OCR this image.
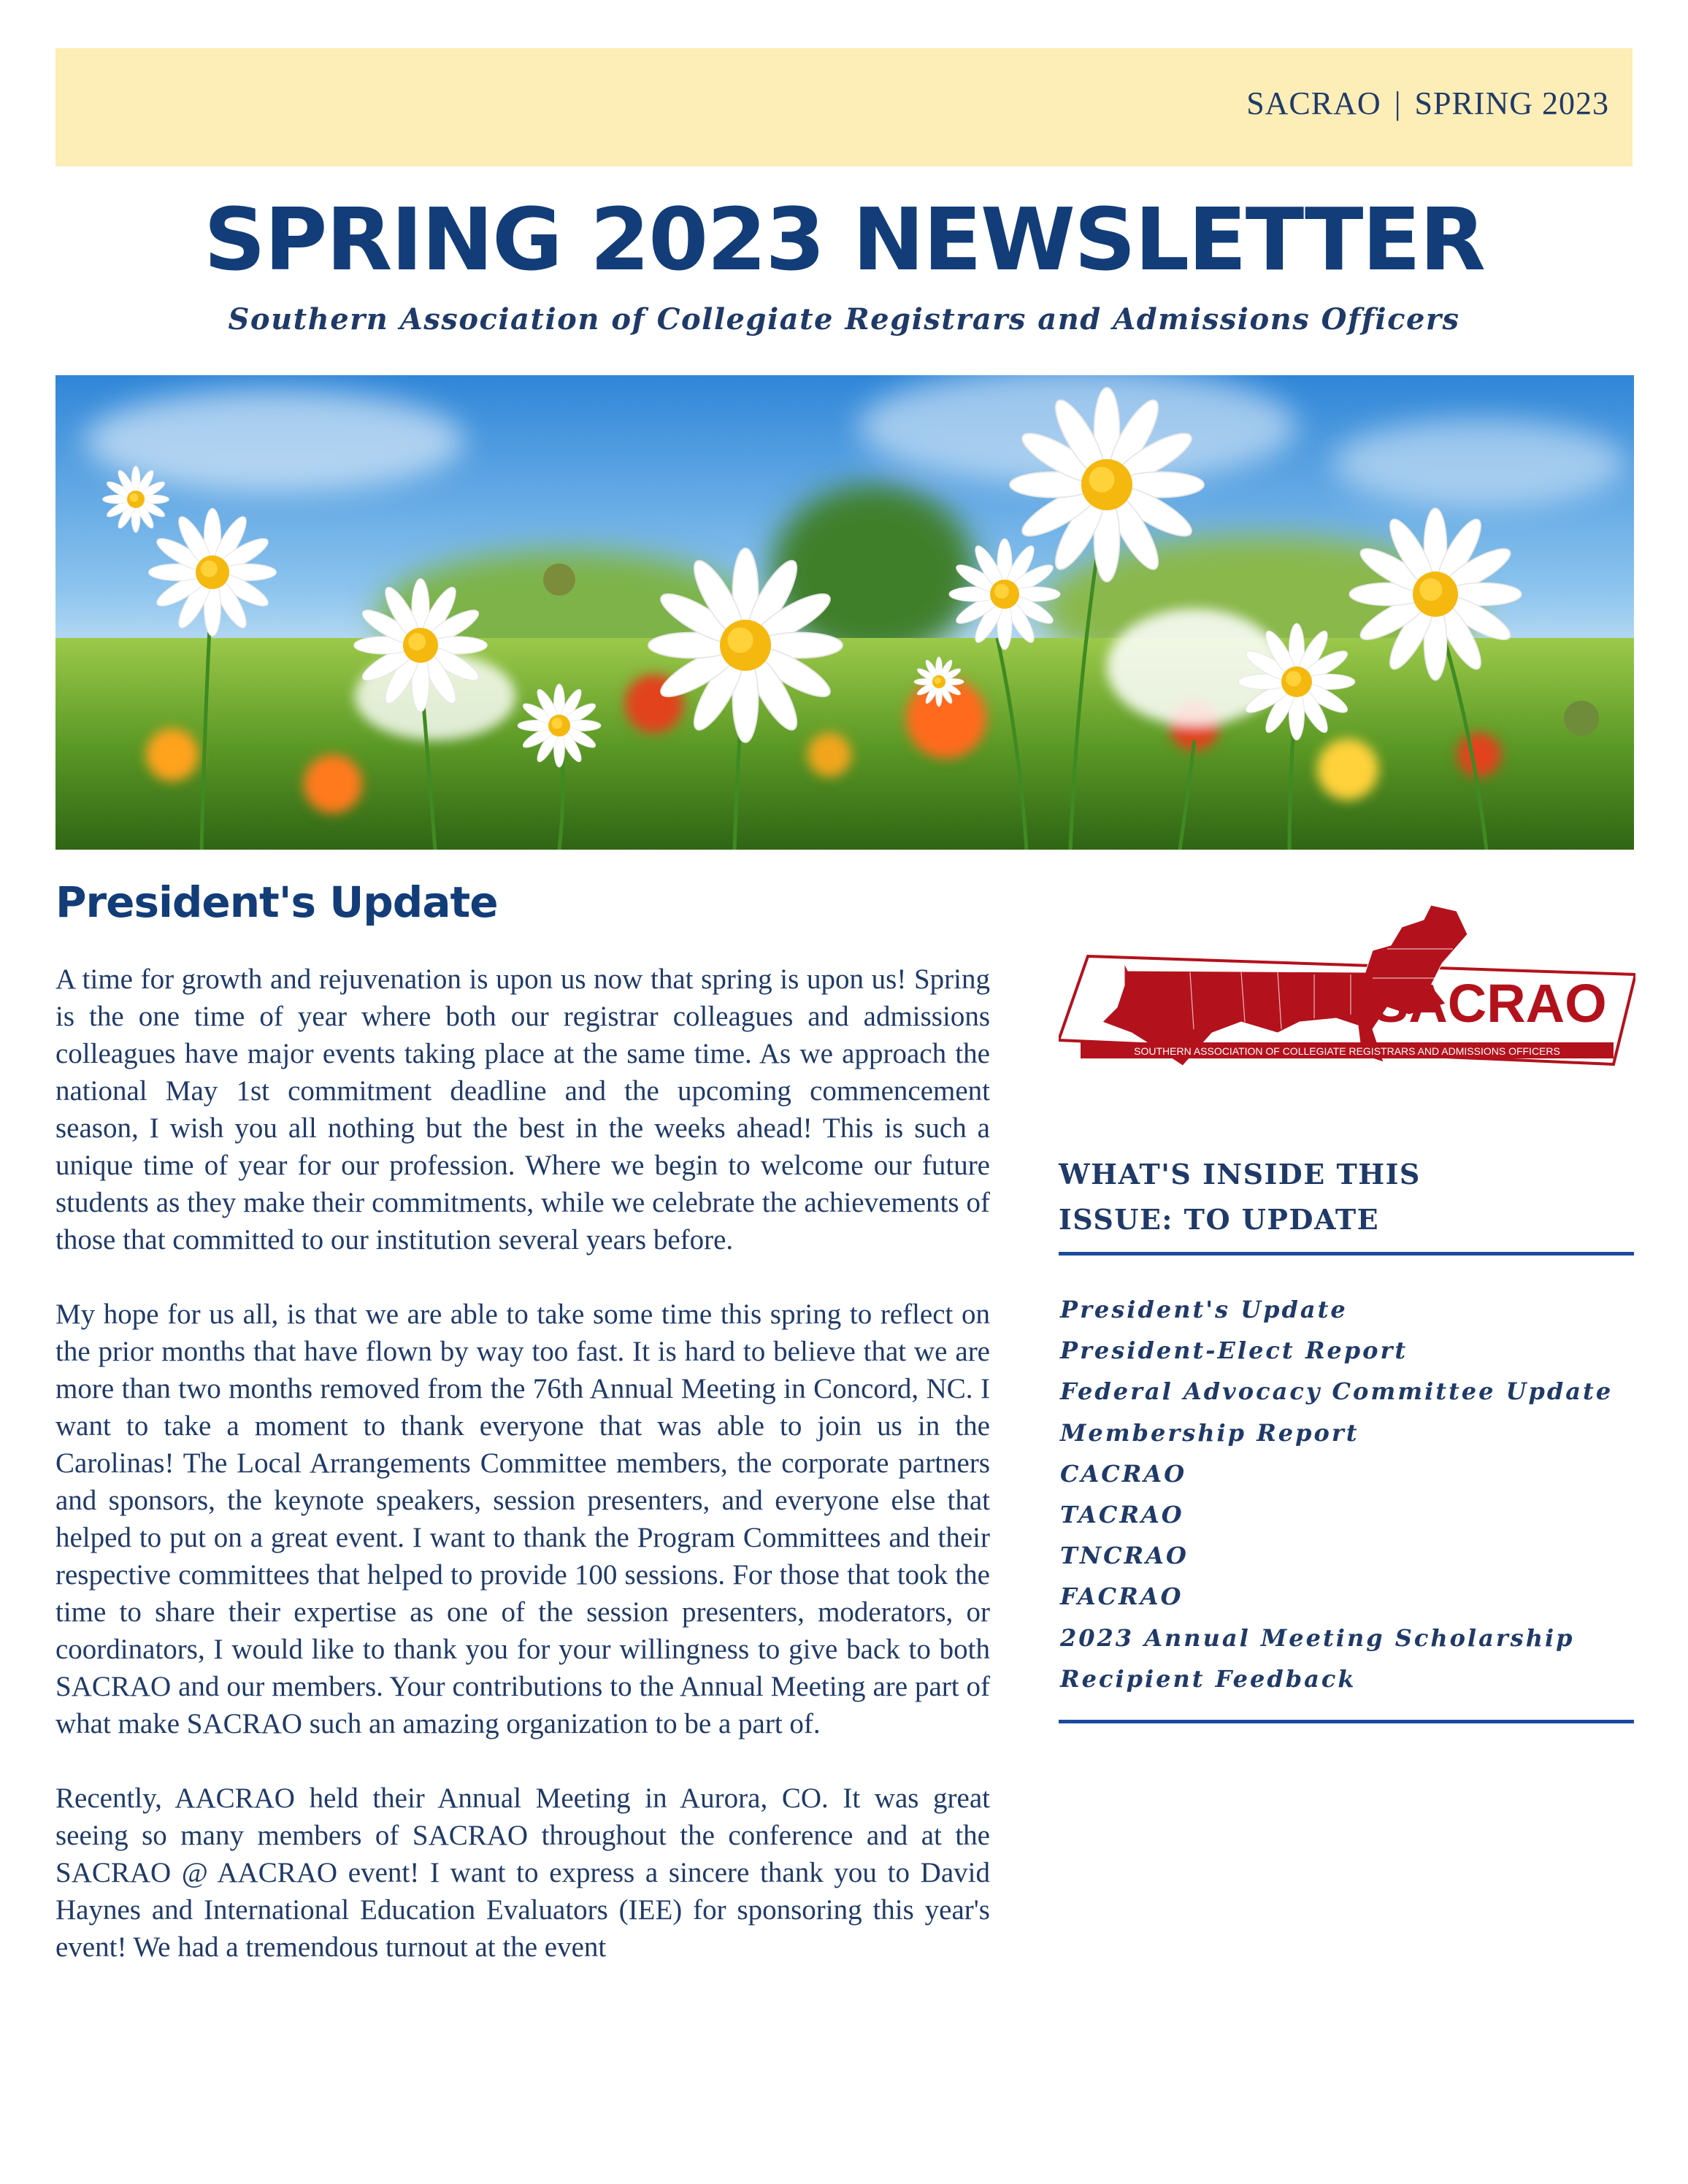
SACRAO | SPRING 2023
SPRING 2023 NEWSLETTER

Southern Association of Collegiate Registrars and Admissions Officers

President's Update

A time for growth and rejuvenation is upon us now that spring is upon us! Spring is the one time of year where both our registrar colleagues and admissions colleagues have major events taking place at the same time. As we approach the national May 1st commitment deadline and the upcoming commencement season, I wish you all nothing but the best in the weeks ahead! This is such a unique time of year for our profession. Where we begin to welcome our future students as they make their commitments, while we celebrate the achievements of those that committed to our institution several years before.

My hope for us all, is that we are able to take some time this spring to reflect on the prior months that have flown by way too fast. It is hard to believe that we are more than two months removed from the 76th Annual Meeting in Concord, NC. I want to take a moment to thank everyone that was able to join us in the Carolinas! The Local Arrangements Committee members, the corporate partners and sponsors, the keynote speakers, session presenters, and everyone else that helped to put on a great event. I want to thank the Program Committees and their respective committees that helped to provide 100 sessions. For those that took the time to share their expertise as one of the session presenters, moderators, or coordinators, I would like to thank you for your willingness to give back to both SACRAO and our members. Your contributions to the Annual Meeting are part of what make SACRAO such an amazing organization to be a part of.

Recently, AACRAO held their Annual Meeting in Aurora, CO. It was great seeing so many members of SACRAO throughout the conference and at the SACRAO @ AACRAO event! I want to express a sincere thank you to David Haynes and International Education Evaluators (IEE) for sponsoring this year's event! We had a tremendous turnout at the event

SACRAO
SOUTHERN ASSOCIATION OF COLLEGIATE REGISTRARS AND ADMISSIONS OFFICERS
WHAT'S INSIDE THIS
ISSUE: TO UPDATE
President's Update
President-Elect Report
Federal Advocacy Committee Update
Membership Report
CACRAO
TACRAO
TNCRAO
FACRAO
2023 Annual Meeting Scholarship
Recipient Feedback
